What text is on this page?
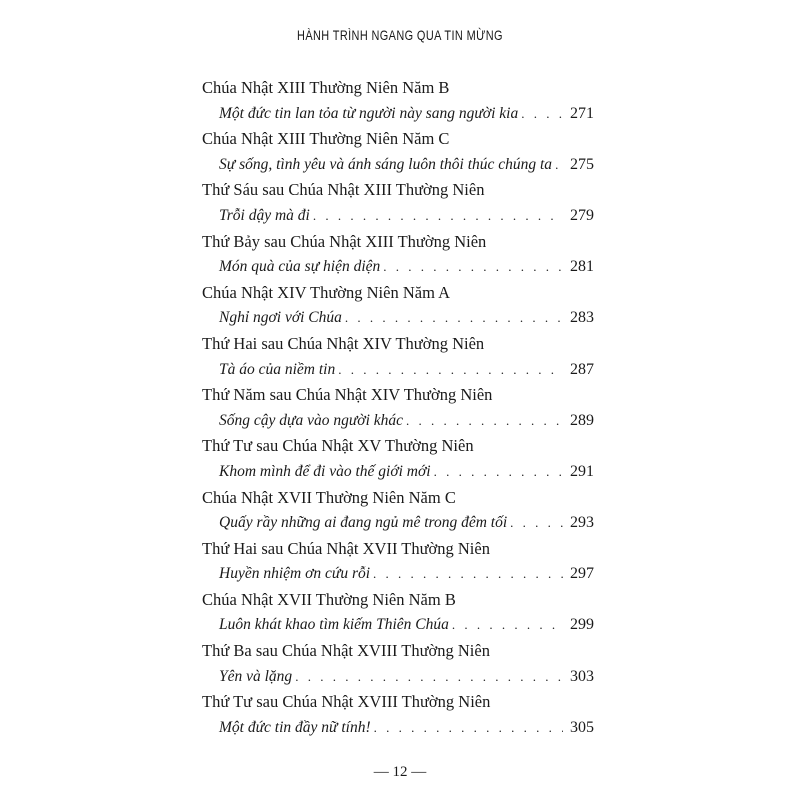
HÀNH TRÌNH NGANG QUA TIN MỪNG
Chúa Nhật XIII Thường Niên Năm B
Một đức tin lan tỏa từ người này sang người kia . . .	271
Chúa Nhật XIII Thường Niên Năm C
Sự sống, tình yêu và ánh sáng luôn thôi thúc chúng ta . . . 275
Thứ Sáu sau Chúa Nhật XIII Thường Niên
Trỗi dậy mà đi . . .	279
Thứ Bảy sau Chúa Nhật XIII Thường Niên
Món quà của sự hiện diện . . .	281
Chúa Nhật XIV Thường Niên Năm A
Nghỉ ngơi với Chúa . . .	283
Thứ Hai sau Chúa Nhật XIV Thường Niên
Tà áo của niềm tin . . .	287
Thứ Năm sau Chúa Nhật XIV Thường Niên
Sống cậy dựa vào người khác . . .	289
Thứ Tư sau Chúa Nhật XV Thường Niên
Khom mình để đi vào thế giới mới . . .	291
Chúa Nhật XVII Thường Niên Năm C
Quấy rầy những ai đang ngủ mê trong đêm tối . . .	293
Thứ Hai sau Chúa Nhật XVII Thường Niên
Huyền nhiệm ơn cứu rỗi . . .	297
Chúa Nhật XVII Thường Niên Năm B
Luôn khát khao tìm kiếm Thiên Chúa . . .	299
Thứ Ba sau Chúa Nhật XVIII Thường Niên
Yên và lặng . . .	303
Thứ Tư sau Chúa Nhật XVIII Thường Niên
Một đức tin đầy nữ tính! . . .	305
— 12 —
